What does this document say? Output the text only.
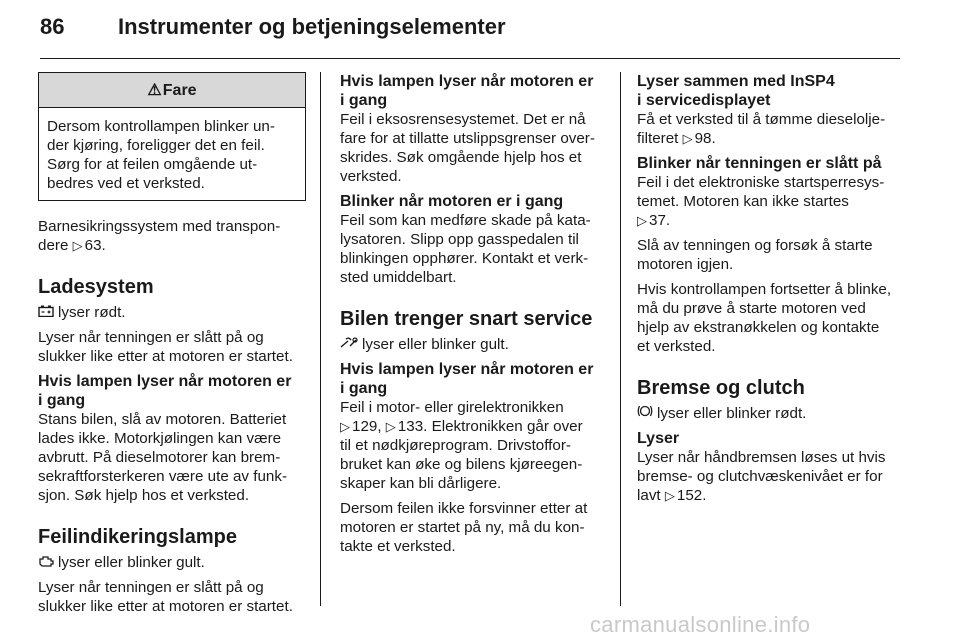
86 Instrumenter og betjeningselementer
⚠ Fare
Dersom kontrollampen blinker un-
der kjøring, foreligger det en feil.
Sørg for at feilen omgående ut-
bedres ved et verksted.

Barnesikringssystem med transpon-
dere ▷ 63.

Ladesystem

lyser rødt.

Lyser når tenningen er slått på og
slukker like etter at motoren er startet.

Hvis lampen lyser når motoren er
i gang

Stans bilen, slå av motoren. Batteriet
lades ikke. Motorkjølingen kan være
avbrutt. På dieselmotorer kan brem-
sekraftforsterkeren være ute av funk-
sjon. Søk hjelp hos et verksted.

Feilindikeringslampe

lyser eller blinker gult.

Lyser når tenningen er slått på og
slukker like etter at motoren er startet.

Hvis lampen lyser når motoren er
i gang

Feil i eksosrensesystemet. Det er nå
fare for at tillatte utslippsgrenser over-
skrides. Søk omgående hjelp hos et
verksted.

Blinker når motoren er i gang

Feil som kan medføre skade på kata-
lysatoren. Slipp opp gasspedalen til
blinkingen opphører. Kontakt et verk-
sted umiddelbart.

Bilen trenger snart service

lyser eller blinker gult.

Hvis lampen lyser når motoren er
i gang

Feil i motor- eller girelektronikken
▷ 129, ▷ 133. Elektronikken går over
til et nødkjøreprogram. Drivstoffor-
bruket kan øke og bilens kjøreegen-
skaper kan bli dårligere.

Dersom feilen ikke forsvinner etter at
motoren er startet på ny, må du kon-
takte et verksted.

Lyser sammen med InSP4
i servicedisplayet

Få et verksted til å tømme dieselolje-
filteret ▷ 98.

Blinker når tenningen er slått på

Feil i det elektroniske startsperresys-
temet. Motoren kan ikke startes
▷ 37.

Slå av tenningen og forsøk å starte
motoren igjen.

Hvis kontrollampen fortsetter å blinke,
må du prøve å starte motoren ved
hjelp av ekstranøkkelen og kontakte
et verksted.

Bremse og clutch

lyser eller blinker rødt.

Lyser

Lyser når håndbremsen løses ut hvis
bremse- og clutchvæskenivået er for
lavt ▷ 152.

carmanualsonline.info
